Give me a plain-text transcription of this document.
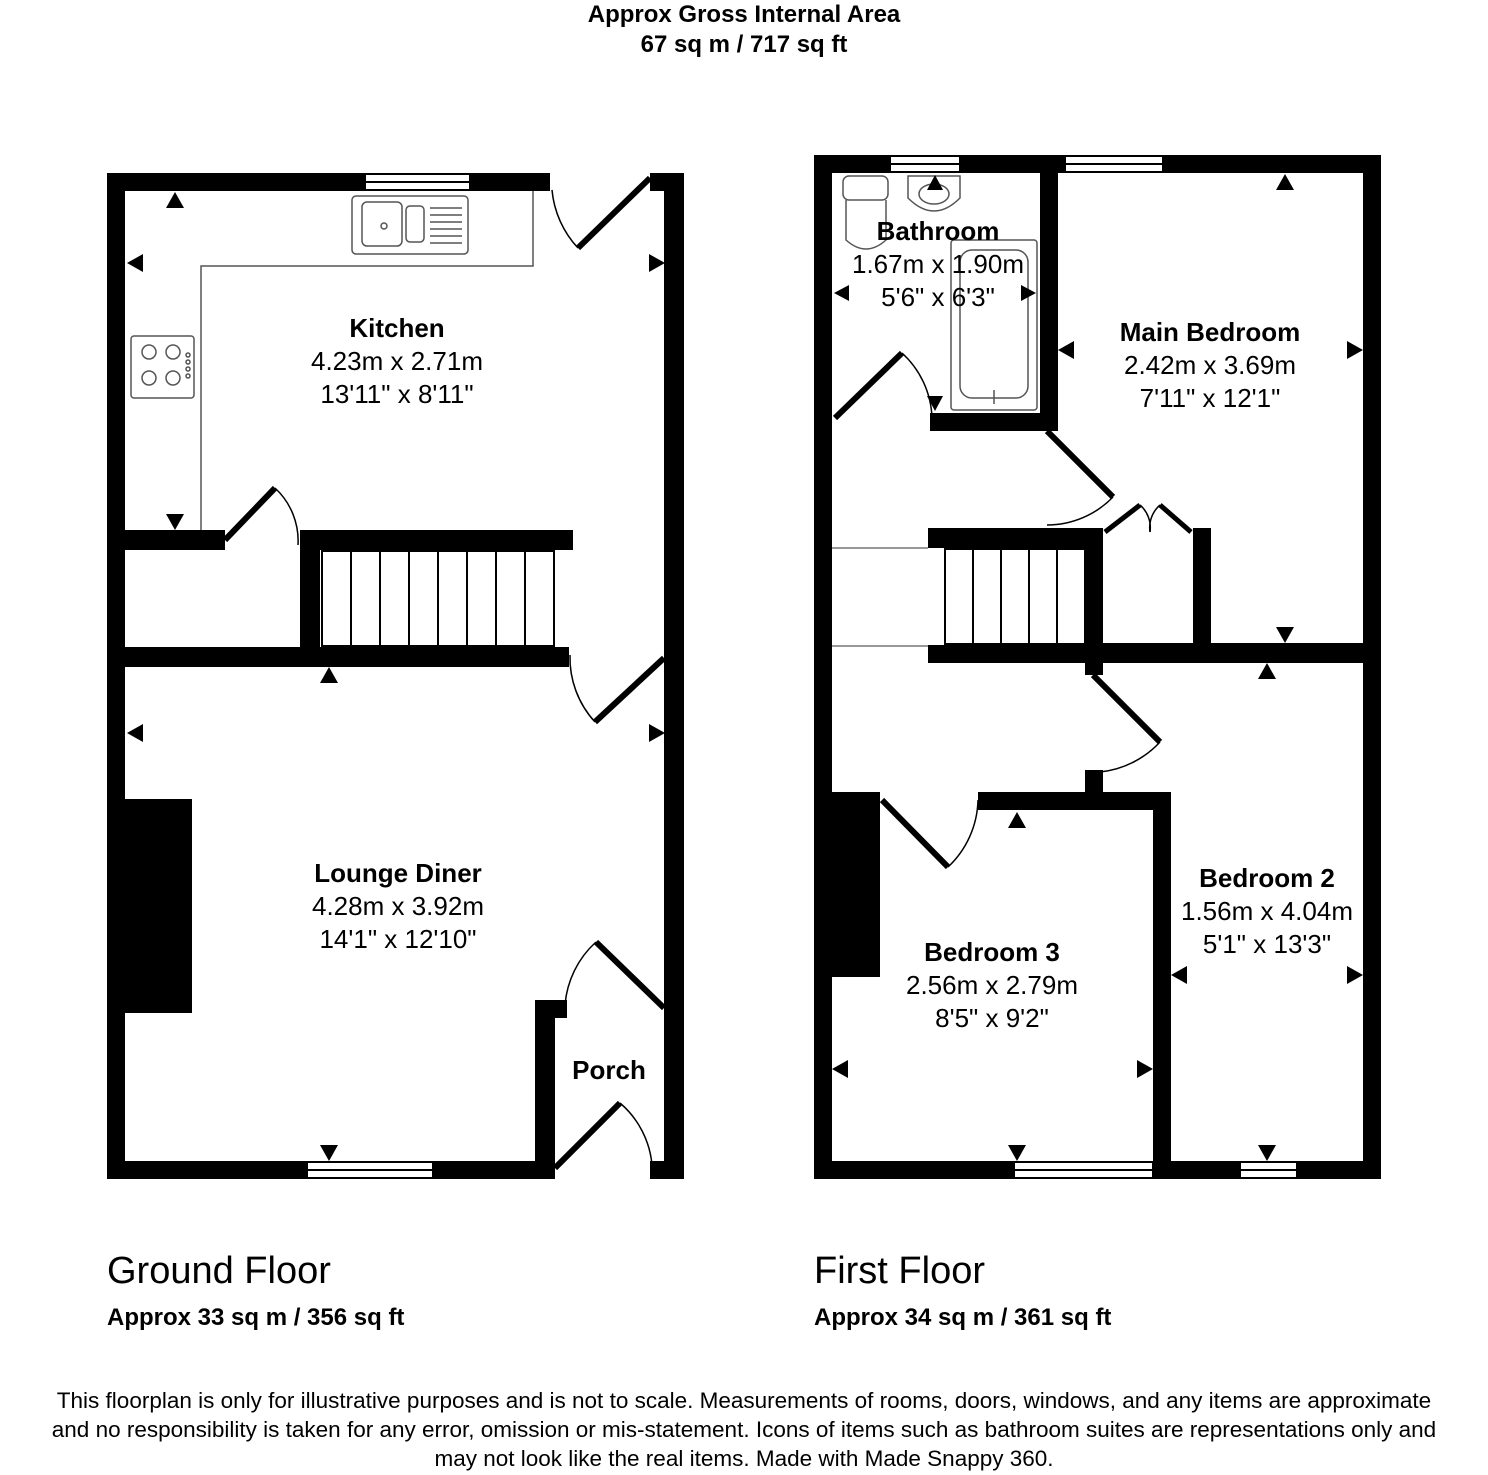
Approx Gross Internal Area
67 sq m / 717 sq ft
Kitchen
4.23m x 2.71m
13'11" x 8'11"
Lounge Diner
4.28m x 3.92m
14'1" x 12'10"
Porch
Bathroom
1.67m x 1.90m
5'6" x 6'3"
Main Bedroom
2.42m x 3.69m
7'11" x 12'1"
Bedroom 2
1.56m x 4.04m
5'1" x 13'3"
Bedroom 3
2.56m x 2.79m
8'5" x 9'2"
Ground Floor
Approx 33 sq m / 356 sq ft
First Floor
Approx 34 sq m / 361 sq ft
This floorplan is only for illustrative purposes and is not to scale. Measurements of rooms, doors, windows, and any items are approximate
and no responsibility is taken for any error, omission or mis-statement. Icons of items such as bathroom suites are representations only and
may not look like the real items. Made with Made Snappy 360.
